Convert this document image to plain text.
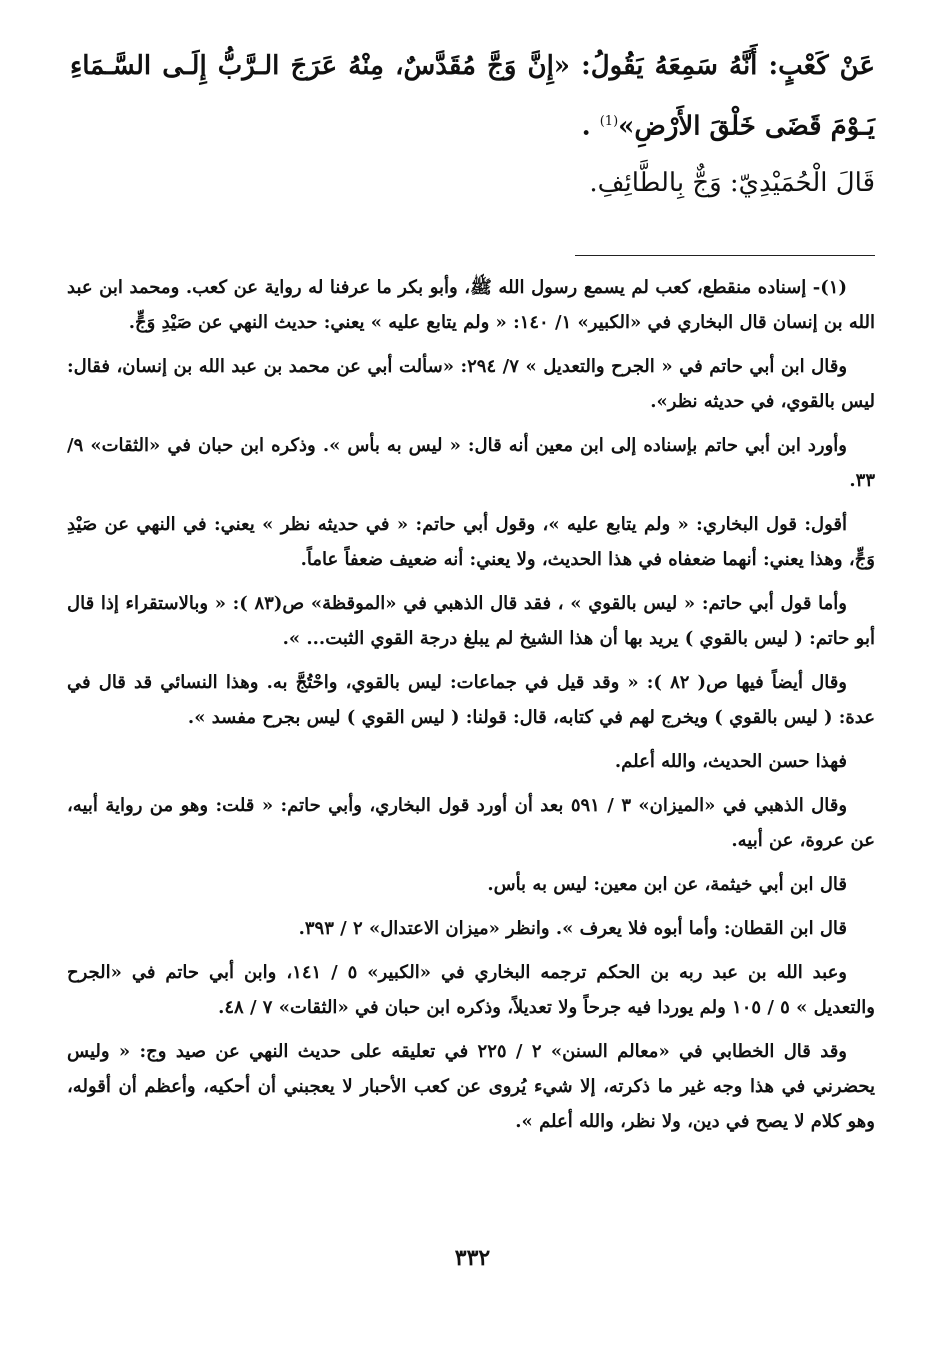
عَنْ كَعْبٍ: أَنَّهُ سَمِعَهُ يَقُولُ: «إِنَّ وَجَّ مُقَدَّسٌ، مِنْهُ عَرَجَ الـرَّبُّ إِلَـى السَّـمَاءِ يَـوْمَ قَضَى خَلْقَ الأَرْضِ»$^{(1)}$ .

قَالَ الْحُمَيْدِيّ: وَجٌّ بِالطَّائِفِ.

(١)- إسناده منقطع، كعب لم يسمع رسول الله ﷺ، وأبو بكر ما عرفنا له رواية عن كعب. ومحمد ابن عبد الله بن إنسان قال البخاري في «الكبير» ١/ ١٤٠: « ولم يتابع عليه » يعني: حديث النهي عن صَيْدِ وَجٍّ.

وقال ابن أبي حاتم في « الجرح والتعديل » ٧/ ٢٩٤: «سألت أبي عن محمد بن عبد الله بن إنسان، فقال: ليس بالقوي، في حديثه نظر».

وأورد ابن أبي حاتم بإسناده إلى ابن معين أنه قال: « ليس به بأس ». وذكره ابن حبان في «الثقات» ٩/ ٣٣.

أقول: قول البخاري: « ولم يتابع عليه »، وقول أبي حاتم: « في حديثه نظر » يعني: في النهي عن صَيْدِ وَجٍّ، وهذا يعني: أنهما ضعفاه في هذا الحديث، ولا يعني: أنه ضعيف ضعفاً عاماً.

وأما قول أبي حاتم: « ليس بالقوي » ، فقد قال الذهبي في «الموقظة» ص(٨٣ ): « وبالاستقراء إذا قال أبو حاتم: ( ليس بالقوي ) يريد بها أن هذا الشيخ لم يبلغ درجة القوي الثبت... ».

وقال أيضاً فيها ص( ٨٢ ): « وقد قيل في جماعات: ليس بالقوي، واحْتُجَّ به. وهذا النسائي قد قال في عدة: ( ليس بالقوي ) ويخرج لهم في كتابه، قال: قولنا: ( ليس القوي ) ليس بجرح مفسد ».

فهذا حسن الحديث، والله أعلم.

وقال الذهبي في «الميزان» ٣ / ٥٩١ بعد أن أورد قول البخاري، وأبي حاتم: « قلت: وهو من رواية أبيه، عن عروة، عن أبيه.

قال ابن أبي خيثمة، عن ابن معين: ليس به بأس.

قال ابن القطان: وأما أبوه فلا يعرف ». وانظر «ميزان الاعتدال» ٢ / ٣٩٣.

وعبد الله بن عبد ربه بن الحكم ترجمه البخاري في «الكبير» ٥ / ١٤١، وابن أبي حاتم في «الجرح والتعديل » ٥ / ١٠٥ ولم يوردا فيه جرحاً ولا تعديلاً، وذكره ابن حبان في «الثقات» ٧ / ٤٨.

وقد قال الخطابي في «معالم السنن» ٢ / ٢٢٥ في تعليقه على حديث النهي عن صيد وج: « وليس يحضرني في هذا وجه غير ما ذكرته، إلا شيء يُروى عن كعب الأحبار لا يعجبني أن أحكيه، وأعظم أن أقوله، وهو كلام لا يصح في دين، ولا نظر، والله أعلم ».

٣٣٢
